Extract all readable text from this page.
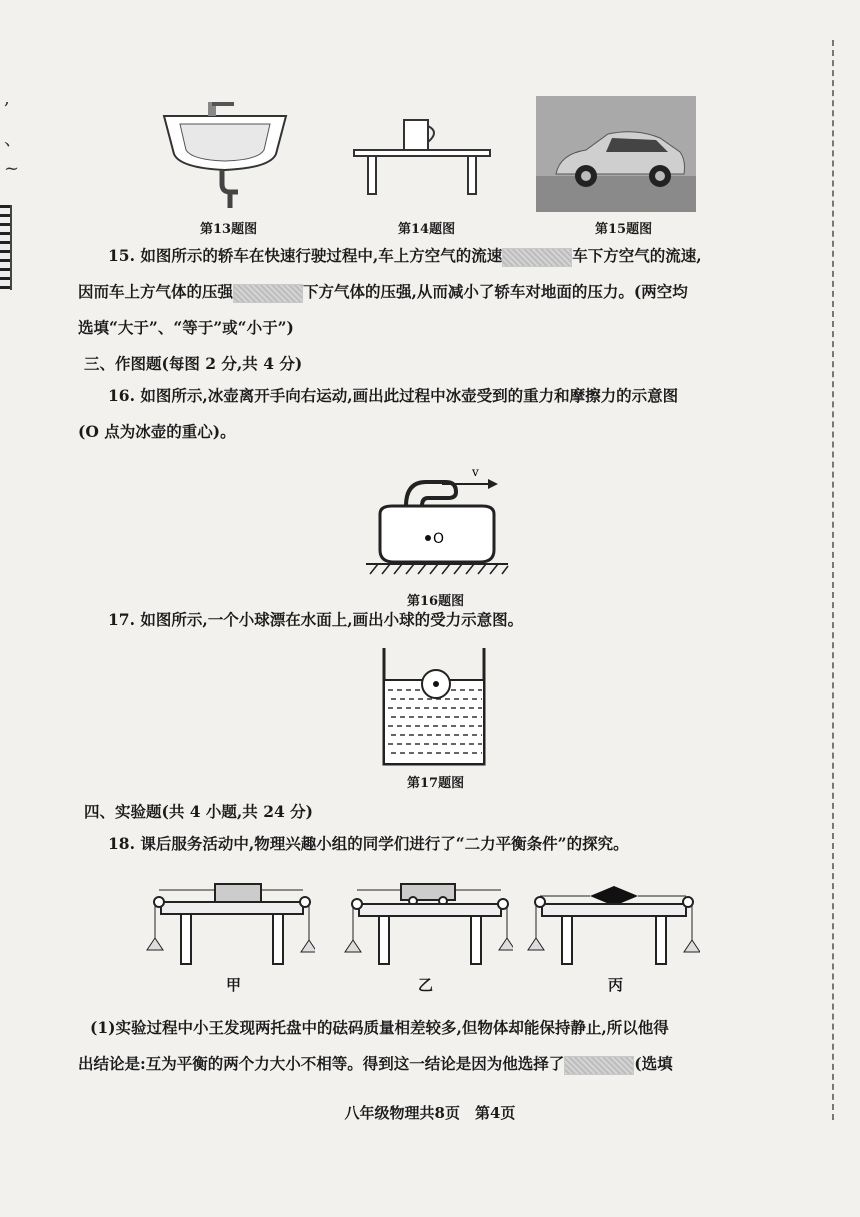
,
、
~
第13题图	第14题图	第15题图
15. 如图所示的轿车在快速行驶过程中,车上方空气的流速	车下方空气的流速,
因而车上方气体的压强	下方气体的压强,从而减小了轿车对地面的压力。(两空均
选填“大于”、“等于”或“小于”)
三、作图题(每图 2 分,共 4 分)
16. 如图所示,冰壶离开手向右运动,画出此过程中冰壶受到的重力和摩擦力的示意图
(O 点为冰壶的重心)。
v
O
第16题图
17. 如图所示,一个小球漂在水面上,画出小球的受力示意图。
第17题图
四、实验题(共 4 小题,共 24 分)
18. 课后服务活动中,物理兴趣小组的同学们进行了“二力平衡条件”的探究。
甲	乙	丙
(1)实验过程中小王发现两托盘中的砝码质量相差较多,但物体却能保持静止,所以他得
出结论是:互为平衡的两个力大小不相等。得到这一结论是因为他选择了	(选填
八年级物理共8页　第4页
